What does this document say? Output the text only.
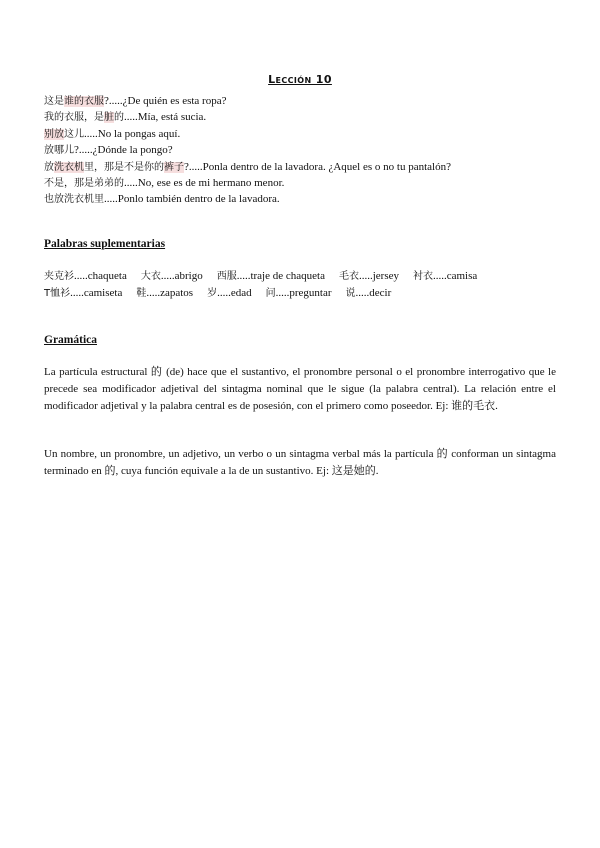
Lección 10
这是谁的衣服?.....¿De quién es esta ropa?
我的衣服，是脏的.....Mía, está sucia.
别放这儿.....No la pongas aquí.
放哪儿?.....¿Dónde la pongo?
放洗衣机里，那是不是你的裤子?.....Ponla dentro de la lavadora. ¿Aquel es o no tu pantalón?
不是，那是弟弟的.....No, ese es de mi hermano menor.
也放洗衣机里.....Ponlo también dentro de la lavadora.
Palabras suplementarias
夹克衫.....chaqueta 大衣.....abrigo 西服.....traje de chaqueta 毛衣.....jersey 衬衣.....camisa
T恤衫.....camiseta 鞋.....zapatos 岁.....edad 问.....preguntar 说.....decir
Gramática

La partícula estructural 的 (de) hace que el sustantivo, el pronombre personal o el pronombre interrogativo que le precede sea modificador adjetival del sintagma nominal que le sigue (la palabra central). La relación entre el modificador adjetival y la palabra central es de posesión, con el primero como poseedor. Ej: 谁的毛衣.

Un nombre, un pronombre, un adjetivo, un verbo o un sintagma verbal más la partícula 的 conforman un sintagma terminado en 的, cuya función equivale a la de un sustantivo. Ej: 这是她的.
